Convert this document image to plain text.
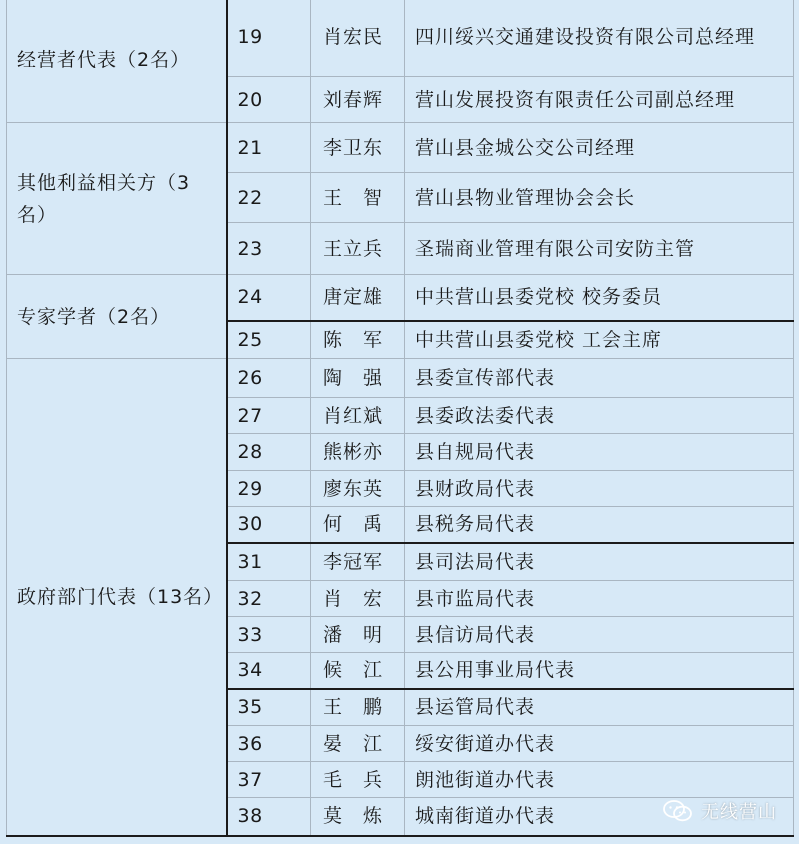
经营者代表（2名）	19	肖宏民	四川绥兴交通建设投资有限公司总经理
	20	刘春辉	营山发展投资有限责任公司副总经理
其他利益相关方（3名）	21	李卫东	营山县金城公交公司经理
	22	王　智	营山县物业管理协会会长
	23	王立兵	圣瑞商业管理有限公司安防主管
专家学者（2名）	24	唐定雄	中共营山县委党校 校务委员
	25	陈　军	中共营山县委党校 工会主席
政府部门代表（13名）	26	陶　强	县委宣传部代表
	27	肖红斌	县委政法委代表
	28	熊彬亦	县自规局代表
	29	廖东英	县财政局代表
	30	何　禹	县税务局代表
	31	李冠军	县司法局代表
	32	肖　宏	县市监局代表
	33	潘　明	县信访局代表
	34	候　江	县公用事业局代表
	35	王　鹏	县运管局代表
	36	晏　江	绥安街道办代表
	37	毛　兵	朗池街道办代表
	38	莫　炼	城南街道办代表	无线营山
